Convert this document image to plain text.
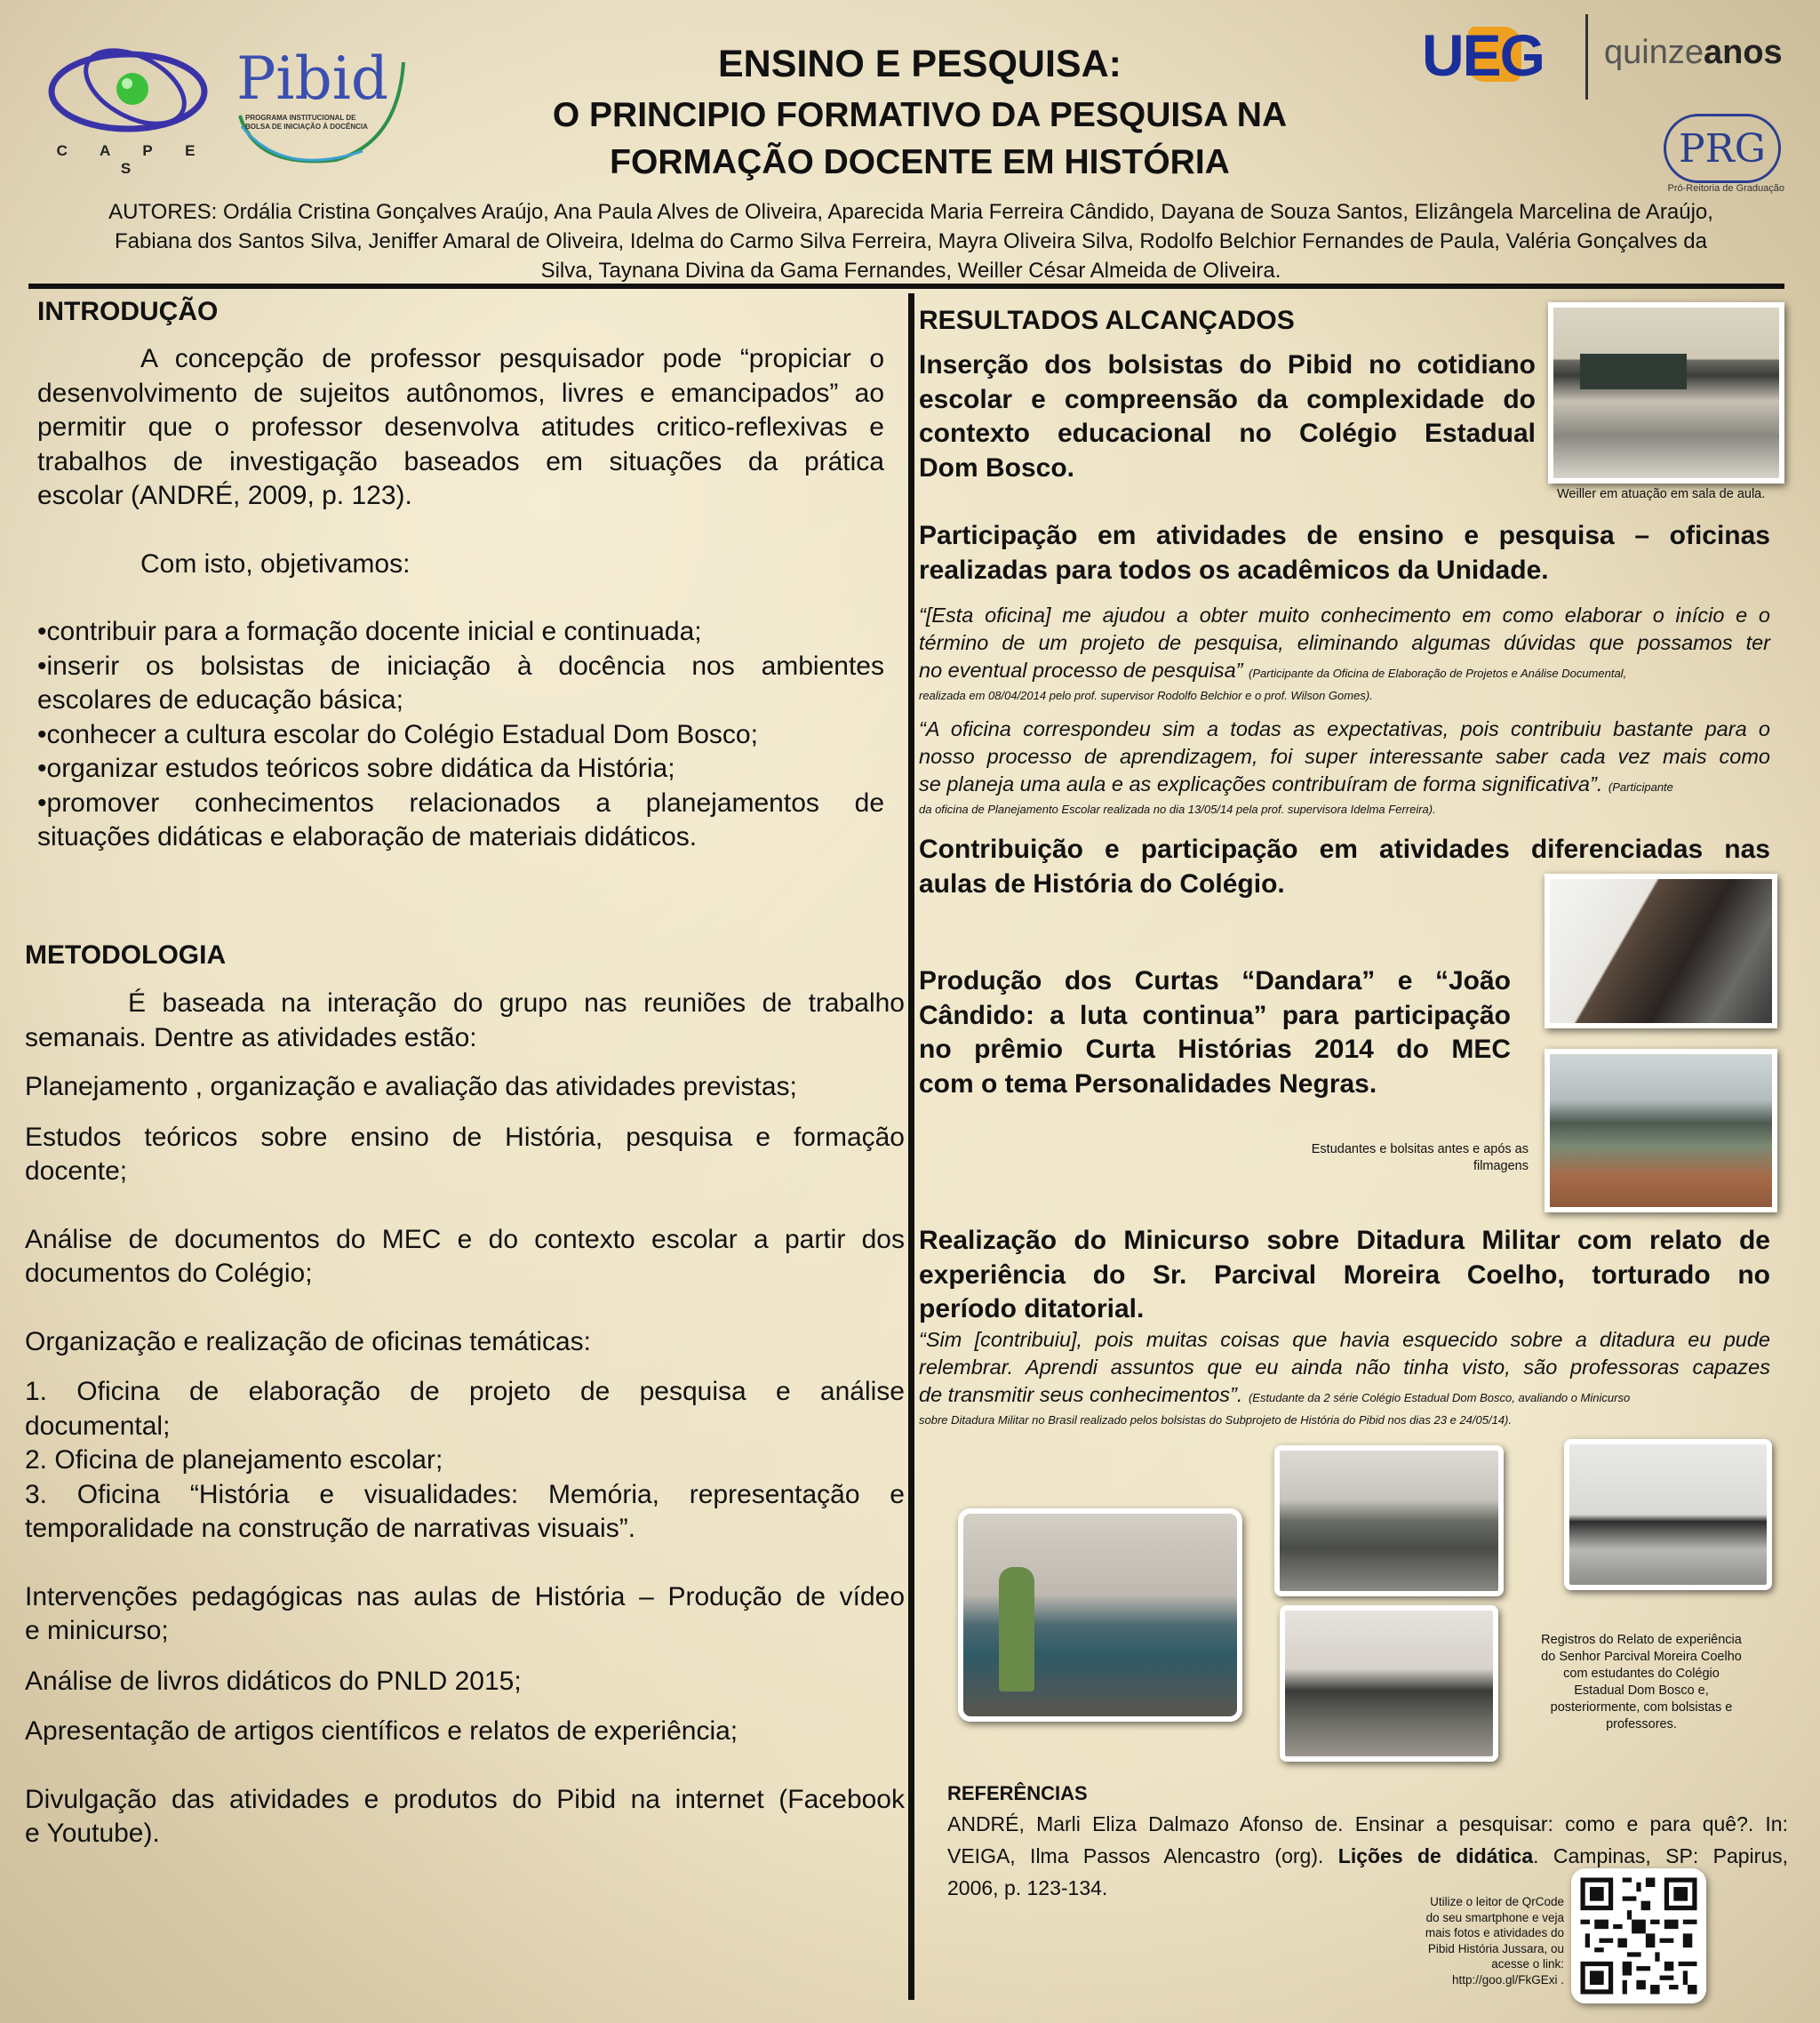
C A P E S
Pibid
PROGRAMA INSTITUCIONAL DE BOLSA DE INICIAÇÃO À DOCÊNCIA
UEG quinzeanos
PRG
Pró-Reitoria de Graduação
ENSINO E PESQUISA:
O PRINCIPIO FORMATIVO DA PESQUISA NA
FORMAÇÃO DOCENTE EM HISTÓRIA
AUTORES: Ordália Cristina Gonçalves Araújo, Ana Paula Alves de Oliveira, Aparecida Maria Ferreira Cândido, Dayana de Souza Santos, Elizângela Marcelina de Araújo,
Fabiana dos Santos Silva, Jeniffer Amaral de Oliveira, Idelma do Carmo Silva Ferreira, Mayra Oliveira Silva, Rodolfo Belchior Fernandes de Paula, Valéria Gonçalves da
Silva, Taynana Divina da Gama Fernandes, Weiller César Almeida de Oliveira.
INTRODUÇÃO
A concepção de professor pesquisador pode “propiciar o
desenvolvimento de sujeitos autônomos, livres e emancipados” ao
permitir que o professor desenvolva atitudes critico-reflexivas e
trabalhos de investigação baseados em situações da prática
escolar (ANDRÉ, 2009, p. 123).
Com isto, objetivamos:
•contribuir para a formação docente inicial e continuada;
•inserir os bolsistas de iniciação à docência nos ambientes
escolares de educação básica;
•conhecer a cultura escolar do Colégio Estadual Dom Bosco;
•organizar estudos teóricos sobre didática da História;
•promover conhecimentos relacionados a planejamentos de
situações didáticas e elaboração de materiais didáticos.
METODOLOGIA
É baseada na interação do grupo nas reuniões de trabalho
semanais. Dentre as atividades estão:
Planejamento , organização e avaliação das atividades previstas;
Estudos teóricos sobre ensino de História, pesquisa e formação
docente;
Análise de documentos do MEC e do contexto escolar a partir dos
documentos do Colégio;
Organização e realização de oficinas temáticas:
1. Oficina de elaboração de projeto de pesquisa e análise
documental;
2. Oficina de planejamento escolar;
3. Oficina “História e visualidades: Memória, representação e
temporalidade na construção de narrativas visuais”.
Intervenções pedagógicas nas aulas de História – Produção de vídeo
e minicurso;
Análise de livros didáticos do PNLD 2015;
Apresentação de artigos científicos e relatos de experiência;
Divulgação das atividades e produtos do Pibid na internet (Facebook
e Youtube).
RESULTADOS ALCANÇADOS
Inserção dos bolsistas do Pibid no cotidiano
escolar e compreensão da complexidade do
contexto educacional no Colégio Estadual
Dom Bosco.
Weiller em atuação em sala de aula.
Participação em atividades de ensino e pesquisa – oficinas
realizadas para todos os acadêmicos da Unidade.
“[Esta oficina] me ajudou a obter muito conhecimento em como elaborar o início e o
término de um projeto de pesquisa, eliminando algumas dúvidas que possamos ter
no eventual processo de pesquisa” (Participante da Oficina de Elaboração de Projetos e Análise Documental,
realizada em 08/04/2014 pelo prof. supervisor Rodolfo Belchior e o prof. Wilson Gomes).
“A oficina correspondeu sim a todas as expectativas, pois contribuiu bastante para o
nosso processo de aprendizagem, foi super interessante saber cada vez mais como
se planeja uma aula e as explicações contribuíram de forma significativa”. (Participante
da oficina de Planejamento Escolar realizada no dia 13/05/14 pela prof. supervisora Idelma Ferreira).
Contribuição e participação em atividades diferenciadas nas
aulas de História do Colégio.
Produção dos Curtas “Dandara” e “João
Cândido: a luta continua” para participação
no prêmio Curta Histórias 2014 do MEC
com o tema Personalidades Negras.
Estudantes e bolsitas antes e após as
filmagens
Realização do Minicurso sobre Ditadura Militar com relato de
experiência do Sr. Parcival Moreira Coelho, torturado no
período ditatorial.
“Sim [contribuiu], pois muitas coisas que havia esquecido sobre a ditadura eu pude
relembrar. Aprendi assuntos que eu ainda não tinha visto, são professoras capazes
de transmitir seus conhecimentos”. (Estudante da 2 série Colégio Estadual Dom Bosco, avaliando o Minicurso
sobre Ditadura Militar no Brasil realizado pelos bolsistas do Subprojeto de História do Pibid nos dias 23 e 24/05/14).
Registros do Relato de experiência
do Senhor Parcival Moreira Coelho
com estudantes do Colégio
Estadual Dom Bosco e,
posteriormente, com bolsistas e
professores.
REFERÊNCIAS
ANDRÉ, Marli Eliza Dalmazo Afonso de. Ensinar a pesquisar: como e para quê?. In:
VEIGA, Ilma Passos Alencastro (org). Lições de didática. Campinas, SP: Papirus,
2006, p. 123-134.
Utilize o leitor de QrCode
do seu smartphone e veja
mais fotos e atividades do
Pibid História Jussara, ou
acesse o link:
http://goo.gl/FkGExi .
